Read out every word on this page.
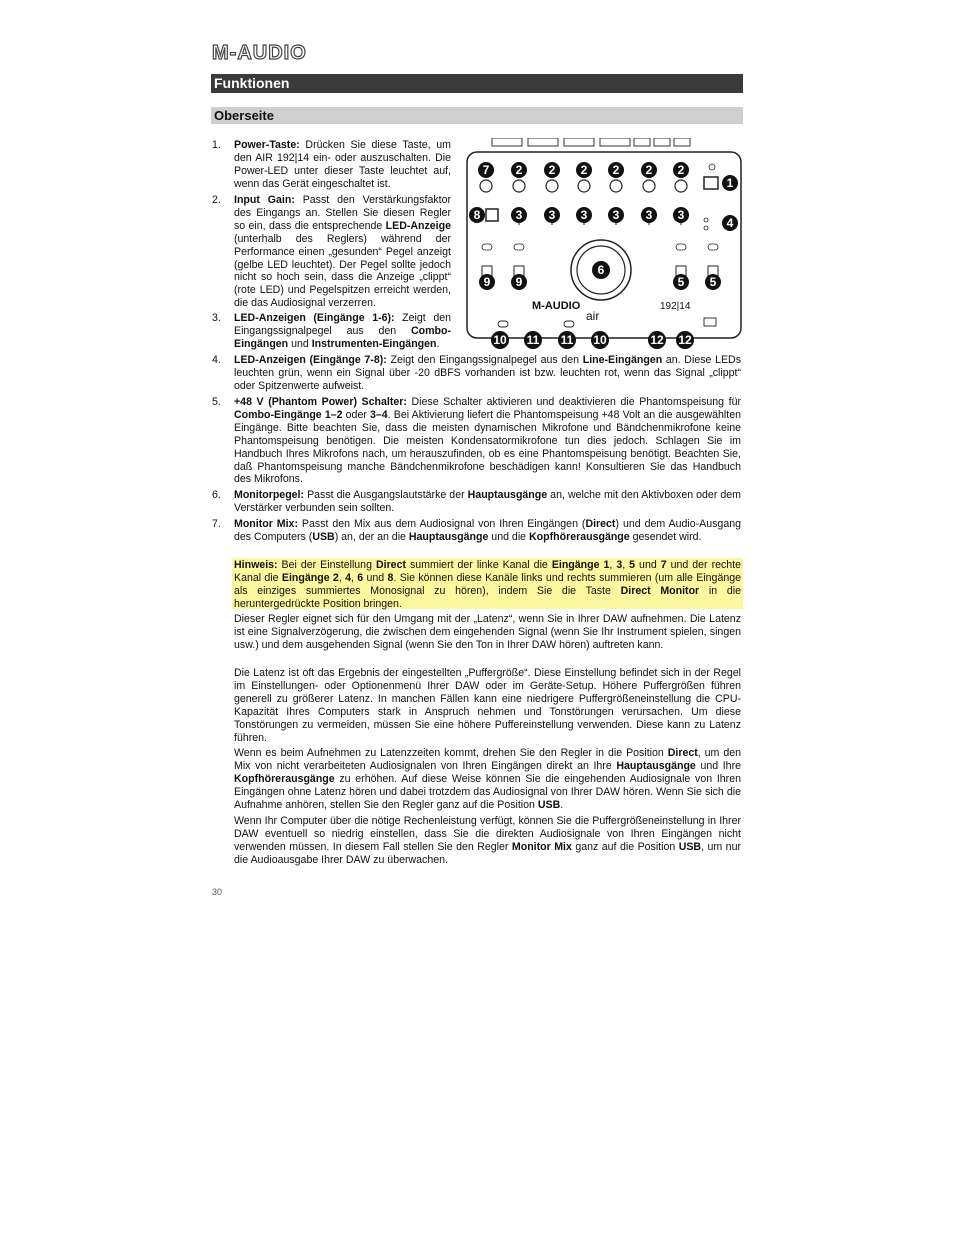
M-AUDIO
Funktionen
Oberseite
1. Power-Taste: Drücken Sie diese Taste, um den AIR 192|14 ein- oder auszuschalten. Die Power-LED unter dieser Taste leuchtet auf, wenn das Gerät eingeschaltet ist.
2. Input Gain: Passt den Verstärkungsfaktor des Eingangs an. Stellen Sie diesen Regler so ein, dass die entsprechende LED-Anzeige (unterhalb des Reglers) während der Performance einen „gesunden“ Pegel anzeigt (gelbe LED leuchtet). Der Pegel sollte jedoch nicht so hoch sein, dass die Anzeige „clippt“ (rote LED) und Pegelspitzen erreicht werden, die das Audiosignal verzerren.
3. LED-Anzeigen (Eingänge 1-6): Zeigt den Eingangssignalpegel aus den Combo-Eingängen und Instrumenten-Eingängen.
4. LED-Anzeigen (Eingänge 7-8): Zeigt den Eingangssignalpegel aus den Line-Eingängen an. Diese LEDs leuchten grün, wenn ein Signal über -20 dBFS vorhanden ist bzw. leuchten rot, wenn das Signal „clippt“ oder Spitzenwerte aufweist.
5. +48 V (Phantom Power) Schalter: Diese Schalter aktivieren und deaktivieren die Phantomspeisung für Combo-Eingänge 1–2 oder 3–4. Bei Aktivierung liefert die Phantomspeisung +48 Volt an die ausgewählten Eingänge. Bitte beachten Sie, dass die meisten dynamischen Mikrofone und Bändchenmikrofone keine Phantomspeisung benötigen. Die meisten Kondensatormikrofone tun dies jedoch. Schlagen Sie im Handbuch Ihres Mikrofons nach, um herauszufinden, ob es eine Phantomspeisung benötigt. Beachten Sie, daß Phantomspeisung manche Bändchenmikrofone beschädigen kann! Konsultieren Sie das Handbuch des Mikrofons.
6. Monitorpegel: Passt die Ausgangslautstärke der Hauptausgänge an, welche mit den Aktivboxen oder dem Verstärker verbunden sein sollten.
7. Monitor Mix: Passt den Mix aus dem Audiosignal von Ihren Eingängen (Direct) und dem Audio-Ausgang des Computers (USB) an, der an die Hauptausgänge und die Kopfhörerausgänge gesendet wird.
Hinweis: Bei der Einstellung Direct summiert der linke Kanal die Eingänge 1, 3, 5 und 7 und der rechte Kanal die Eingänge 2, 4, 6 und 8. Sie können diese Kanäle links und rechts summieren (um alle Eingänge als einziges summiertes Monosignal zu hören), indem Sie die Taste Direct Monitor in die heruntergedrückte Position bringen.
Dieser Regler eignet sich für den Umgang mit der „Latenz“, wenn Sie in Ihrer DAW aufnehmen. Die Latenz ist eine Signalverzögerung, die zwischen dem eingehenden Signal (wenn Sie Ihr Instrument spielen, singen usw.) und dem ausgehenden Signal (wenn Sie den Ton in Ihrer DAW hören) auftreten kann.
Die Latenz ist oft das Ergebnis der eingestellten „Puffergröße“. Diese Einstellung befindet sich in der Regel im Einstellungen- oder Optionenmenü Ihrer DAW oder im Geräte-Setup. Höhere Puffergrößen führen generell zu größerer Latenz. In manchen Fällen kann eine niedrigere Puffergrößeneinstellung die CPU-Kapazität Ihres Computers stark in Anspruch nehmen und Tonstörungen verursachen. Um diese Tonstörungen zu vermeiden, müssen Sie eine höhere Puffereinstellung verwenden. Diese kann zu Latenz führen.
Wenn es beim Aufnehmen zu Latenzzeiten kommt, drehen Sie den Regler in die Position Direct, um den Mix von nicht verarbeiteten Audiosignalen von Ihren Eingängen direkt an Ihre Hauptausgänge und Ihre Kopfhörerausgänge zu erhöhen. Auf diese Weise können Sie die eingehenden Audiosignale von Ihren Eingängen ohne Latenz hören und dabei trotzdem das Audiosignal von Ihrer DAW hören. Wenn Sie sich die Aufnahme anhören, stellen Sie den Regler ganz auf die Position USB.
Wenn Ihr Computer über die nötige Rechenleistung verfügt, können Sie die Puffergrößeneinstellung in Ihrer DAW eventuell so niedrig einstellen, dass Sie die direkten Audiosignale von Ihren Eingängen nicht verwenden müssen. In diesem Fall stellen Sie den Regler Monitor Mix ganz auf die Position USB, um nur die Audioausgabe Ihrer DAW zu überwachen.
30
M-AUDIO	192|14
air
7 2 2 2 2 2 2
1
8	3 3 3 3 3 3
4
6
9 9	5 5
10 11 11 10	12 12
